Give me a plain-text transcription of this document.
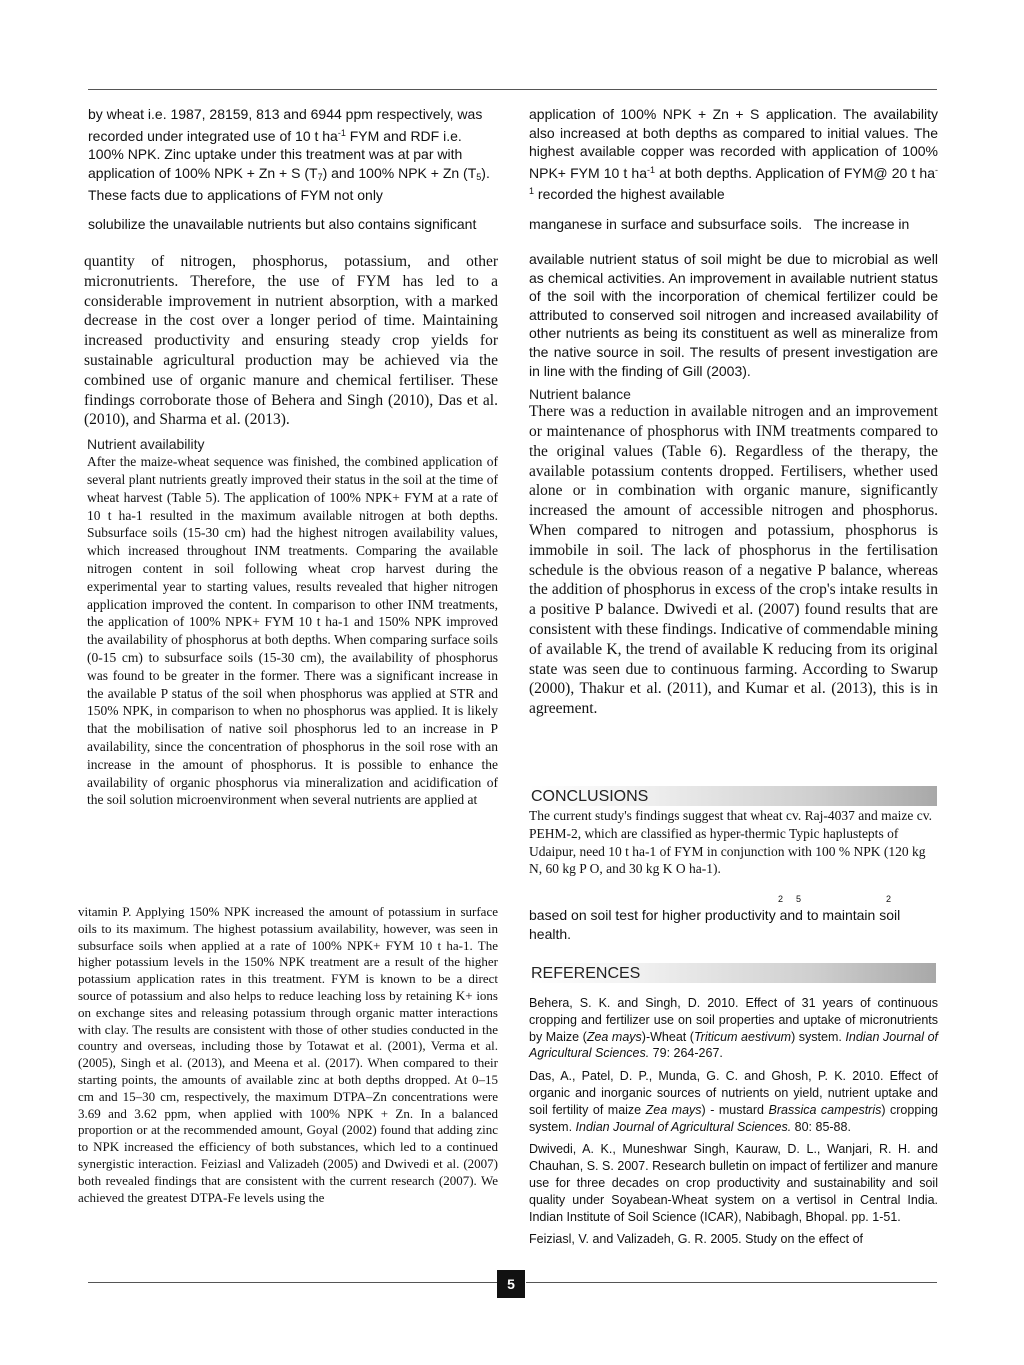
by wheat i.e. 1987, 28159, 813 and 6944 ppm respectively, was recorded under integrated use of 10 t $ha^{-1}$ FYM and RDF i.e. 100% NPK. Zinc uptake under this treatment was at par with application of 100% NPK + Zn + S $(T_7)$ and 100% NPK + Zn $(T_5)$. These facts due to applications of FYM not only

solubilize the unavailable nutrients but also contains significant

quantity of nitrogen, phosphorus, potassium, and other micronutrients. Therefore, the use of FYM has led to a considerable improvement in nutrient absorption, with a marked decrease in the cost over a longer period of time. Maintaining increased productivity and ensuring steady crop yields for sustainable agricultural production may be achieved via the combined use of organic manure and chemical fertiliser. These findings corroborate those of Behera and Singh (2010), Das et al. (2010), and Sharma et al. (2013).

Nutrient availability

After the maize-wheat sequence was finished, the combined application of several plant nutrients greatly improved their status in the soil at the time of wheat harvest (Table 5). The application of 100% NPK+ FYM at a rate of 10 t ha-1 resulted in the maximum available nitrogen at both depths. Subsurface soils (15-30 cm) had the highest nitrogen availability values, which increased throughout INM treatments. Comparing the available nitrogen content in soil following wheat crop harvest during the experimental year to starting values, results revealed that higher nitrogen application improved the content. In comparison to other INM treatments, the application of 100% NPK+ FYM 10 t ha-1 and 150% NPK improved the availability of phosphorus at both depths. When comparing surface soils (0-15 cm) to subsurface soils (15-30 cm), the availability of phosphorus was found to be greater in the former. There was a significant increase in the available P status of the soil when phosphorus was applied at STR and 150% NPK, in comparison to when no phosphorus was applied. It is likely that the mobilisation of native soil phosphorus led to an increase in P availability, since the concentration of phosphorus in the soil rose with an increase in the amount of phosphorus. It is possible to enhance the availability of organic phosphorus via mineralization and acidification of the soil solution microenvironment when several nutrients are applied at

vitamin P. Applying 150% NPK increased the amount of potassium in surface oils to its maximum. The highest potassium availability, however, was seen in subsurface soils when applied at a rate of 100% NPK+ FYM 10 t ha-1. The higher potassium levels in the 150% NPK treatment are a result of the higher potassium application rates in this treatment. FYM is known to be a direct source of potassium and also helps to reduce leaching loss by retaining K+ ions on exchange sites and releasing potassium through organic matter interactions with clay. The results are consistent with those of other studies conducted in the country and overseas, including those by Totawat et al. (2001), Verma et al. (2005), Singh et al. (2013), and Meena et al. (2017). When compared to their starting points, the amounts of available zinc at both depths dropped. At 0–15 cm and 15–30 cm, respectively, the maximum DTPA–Zn concentrations were 3.69 and 3.62 ppm, when applied with 100% NPK + Zn. In a balanced proportion or at the recommended amount, Goyal (2002) found that adding zinc to NPK increased the efficiency of both substances, which led to a continued synergistic interaction. Feiziasl and Valizadeh (2005) and Dwivedi et al. (2007) both revealed findings that are consistent with the current research (2007). We achieved the greatest DTPA-Fe levels using the

application of 100% NPK + Zn + S application. The availability also increased at both depths as compared to initial values. The highest available copper was recorded with application of 100% NPK+ FYM 10 t $ha^{-1}$ at both depths. Application of FYM@ 20 t $ha^{-1}$ recorded the highest available

manganese in surface and subsurface soils.   The increase in

available nutrient status of soil might be due to microbial as well as chemical activities. An improvement in available nutrient status of the soil with the incorporation of chemical fertilizer could be attributed to conserved soil nitrogen and increased availability of other nutrients as being its constituent as well as mineralize from the native source in soil. The results of present investigation are in line with the finding of Gill (2003).

Nutrient balance

There was a reduction in available nitrogen and an improvement or maintenance of phosphorus with INM treatments compared to the original values (Table 6). Regardless of the therapy, the available potassium contents dropped. Fertilisers, whether used alone or in combination with organic manure, significantly increased the amount of accessible nitrogen and phosphorus. When compared to nitrogen and potassium, phosphorus is immobile in soil. The lack of phosphorus in the fertilisation schedule is the obvious reason of a negative P balance, whereas the addition of phosphorus in excess of the crop's intake results in a positive P balance. Dwivedi et al. (2007) found results that are consistent with these findings. Indicative of commendable mining of available K, the trend of available K reducing from its original state was seen due to continuous farming. According to Swarup (2000), Thakur et al. (2011), and Kumar et al. (2013), this is in agreement.

CONCLUSIONS

The current study's findings suggest that wheat cv. Raj-4037 and maize cv. PEHM-2, which are classified as hyper-thermic Typic haplustepts of Udaipur, need 10 t ha-1 of FYM in conjunction with 100 % NPK (120 kg N, 60 kg P O, and 30 kg K O ha-1).

2 5	2

based on soil test for higher productivity and to maintain soil health.

REFERENCES

Behera, S. K. and Singh, D. 2010. Effect of 31 years of continuous cropping and fertilizer use on soil properties and uptake of micronutrients by Maize (Zea mays)-Wheat (Triticum aestivum) system. Indian Journal of Agricultural Sciences. 79: 264-267.

Das, A., Patel, D. P., Munda, G. C. and Ghosh, P. K. 2010. Effect of organic and inorganic sources of nutrients on yield, nutrient uptake and soil fertility of maize Zea mays) - mustard Brassica campestris) cropping system. Indian Journal of Agricultural Sciences. 80: 85-88.

Dwivedi, A. K., Muneshwar Singh, Kauraw, D. L., Wanjari, R. H. and Chauhan, S. S. 2007. Research bulletin on impact of fertilizer and manure use for three decades on crop productivity and sustainability and soil quality under Soyabean-Wheat system on a vertisol in Central India. Indian Institute of Soil Science (ICAR), Nabibagh, Bhopal. pp. 1-51.

Feiziasl, V. and Valizadeh, G. R. 2005. Study on the effect of

5
